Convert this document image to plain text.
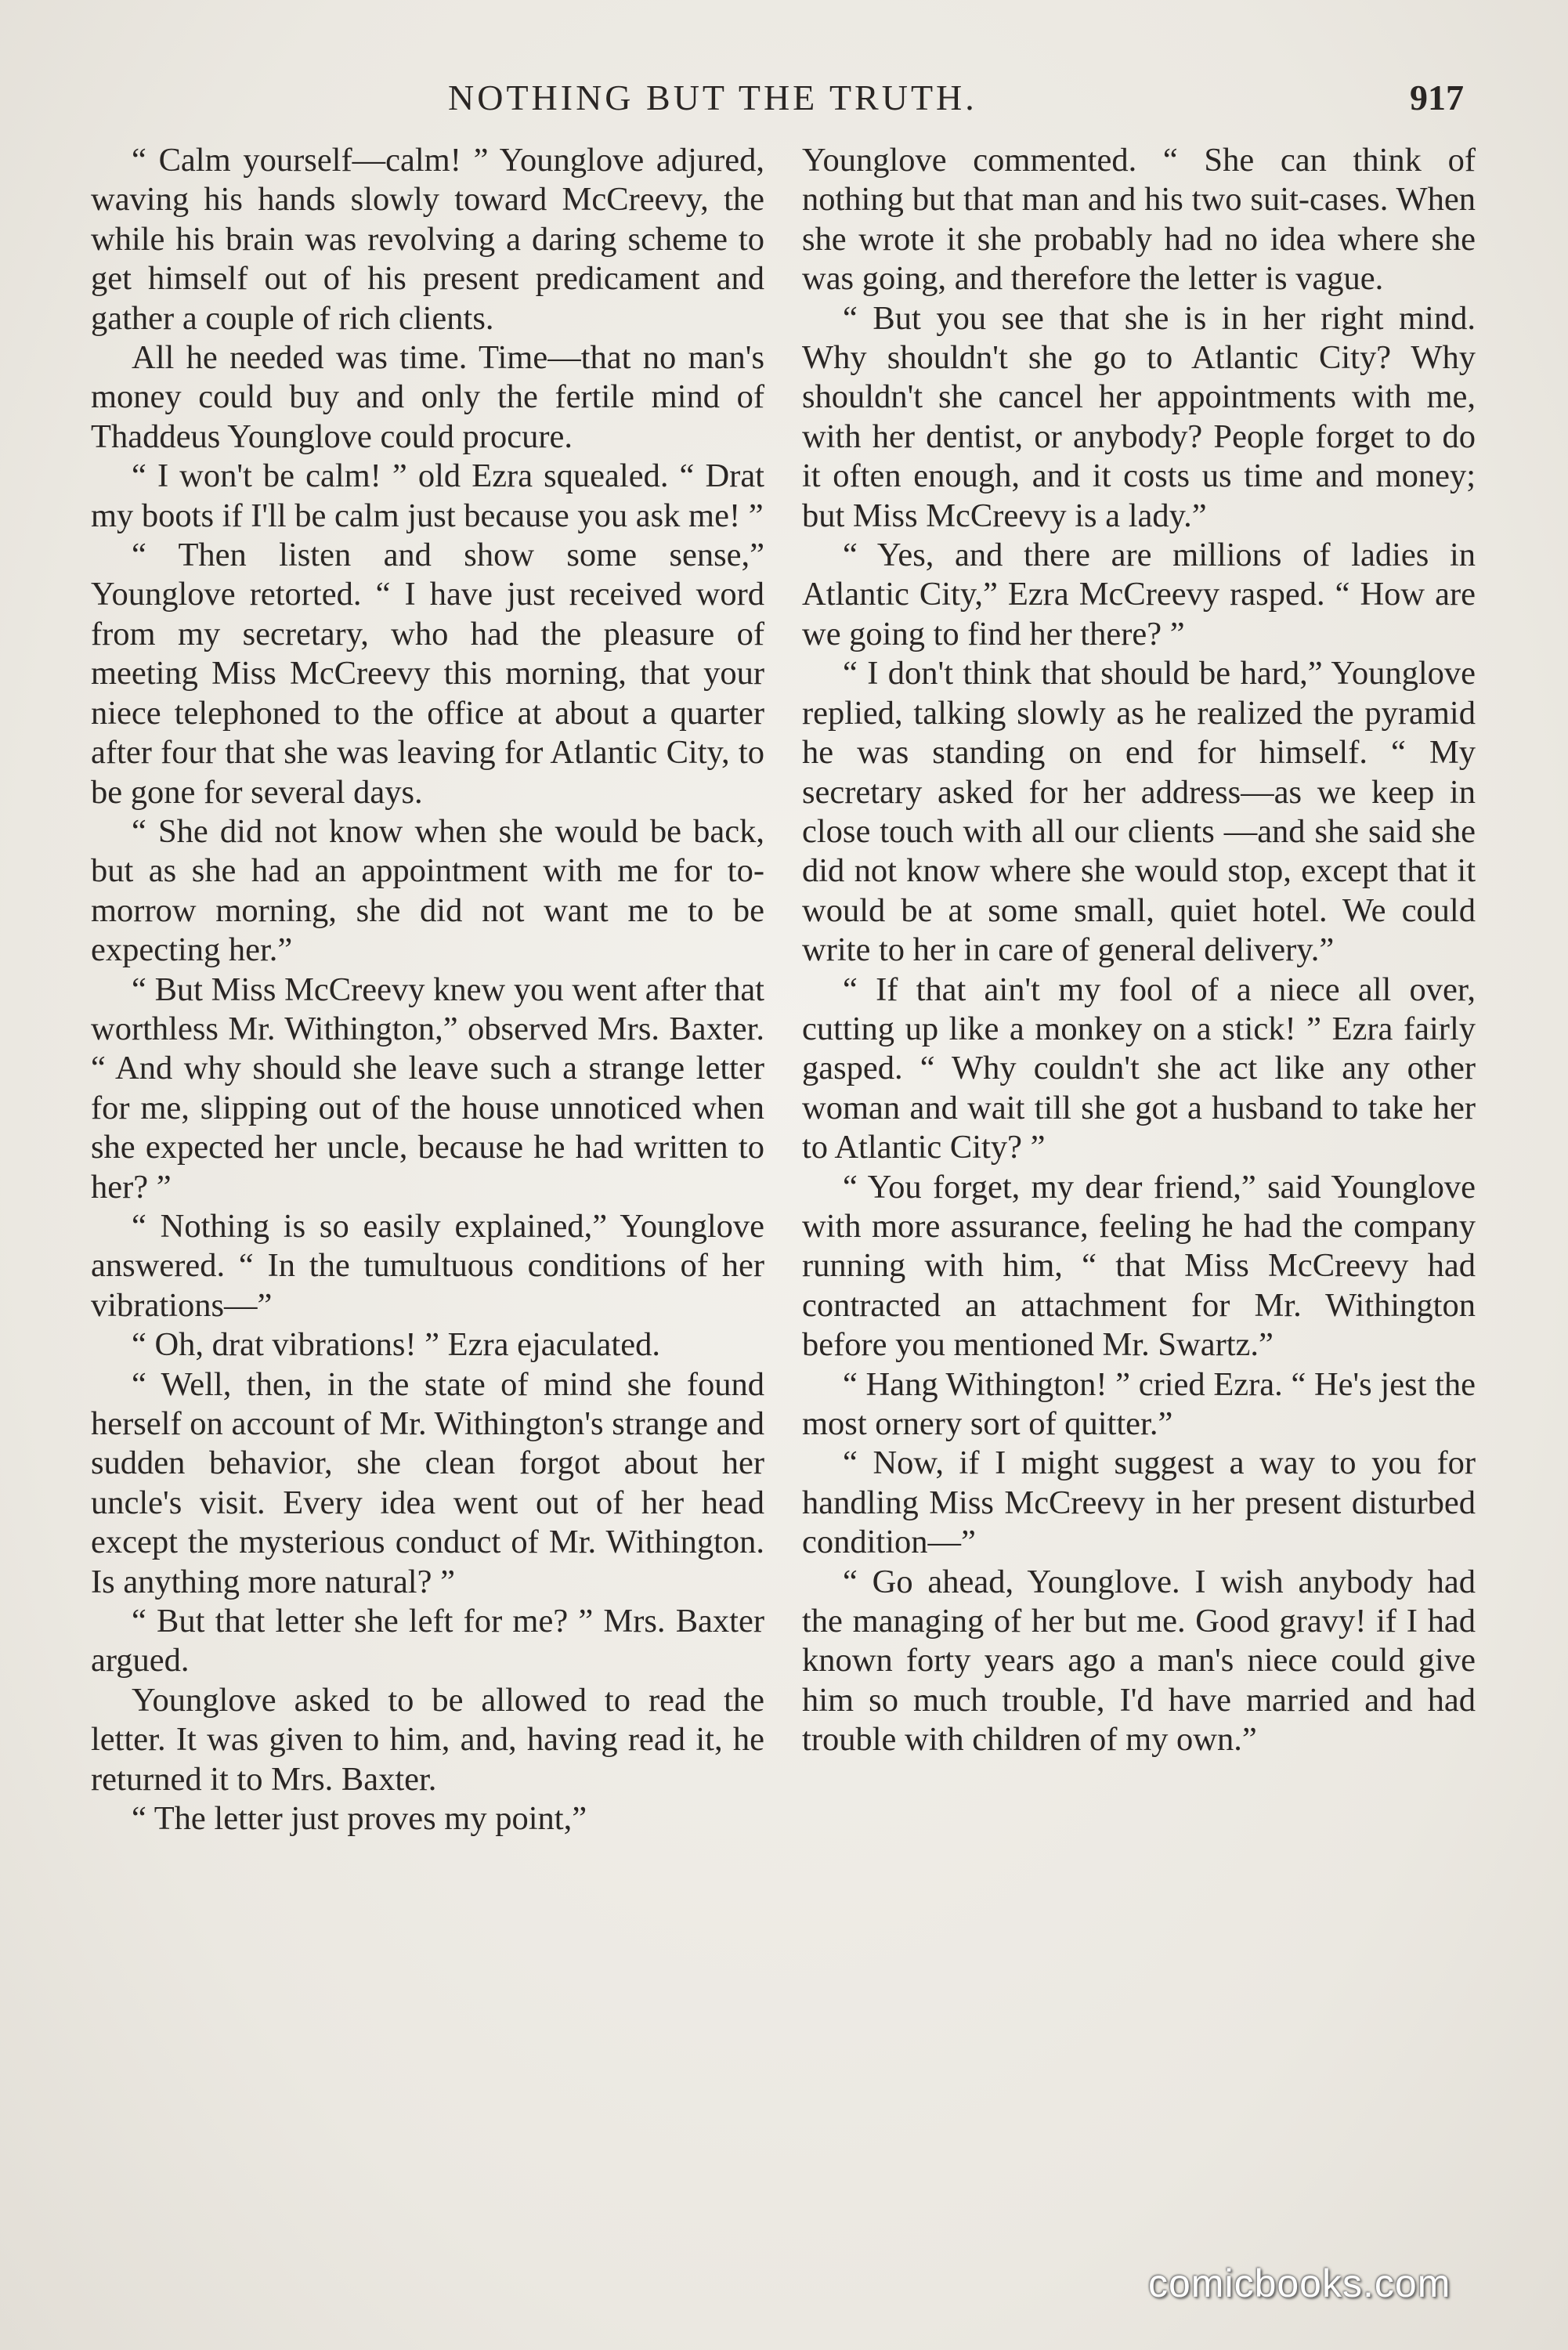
NOTHING BUT THE TRUTH.	917

“ Calm yourself—calm! ” Younglove adjured, waving his hands slowly toward McCreevy, the while his brain was revolving a daring scheme to get himself out of his present predicament and gather a couple of rich clients.

All he needed was time. Time—that no man's money could buy and only the fertile mind of Thaddeus Younglove could procure.

“ I won't be calm! ” old Ezra squealed. “ Drat my boots if I'll be calm just because you ask me! ”

“ Then listen and show some sense,” Younglove retorted. “ I have just received word from my secretary, who had the pleasure of meeting Miss McCreevy this morning, that your niece telephoned to the office at about a quarter after four that she was leaving for Atlantic City, to be gone for several days.

“ She did not know when she would be back, but as she had an appointment with me for to-morrow morning, she did not want me to be expecting her.”

“ But Miss McCreevy knew you went after that worthless Mr. Withington,” observed Mrs. Baxter. “ And why should she leave such a strange letter for me, slipping out of the house unnoticed when she expected her uncle, because he had written to her? ”

“ Nothing is so easily explained,” Younglove answered. “ In the tumultuous conditions of her vibrations—”

“ Oh, drat vibrations! ” Ezra ejaculated.

“ Well, then, in the state of mind she found herself on account of Mr. Withington's strange and sudden behavior, she clean forgot about her uncle's visit. Every idea went out of her head except the mysterious conduct of Mr. Withington. Is anything more natural? ”

“ But that letter she left for me? ” Mrs. Baxter argued.

Younglove asked to be allowed to read the letter. It was given to him, and, having read it, he returned it to Mrs. Baxter.

“ The letter just proves my point,”

Younglove commented. “ She can think of nothing but that man and his two suit-cases. When she wrote it she probably had no idea where she was going, and therefore the letter is vague.

“ But you see that she is in her right mind. Why shouldn't she go to Atlantic City? Why shouldn't she cancel her appointments with me, with her dentist, or anybody? People forget to do it often enough, and it costs us time and money; but Miss McCreevy is a lady.”

“ Yes, and there are millions of ladies in Atlantic City,” Ezra McCreevy rasped. “ How are we going to find her there? ”

“ I don't think that should be hard,” Younglove replied, talking slowly as he realized the pyramid he was standing on end for himself. “ My secretary asked for her address—as we keep in close touch with all our clients —and she said she did not know where she would stop, except that it would be at some small, quiet hotel. We could write to her in care of general delivery.”

“ If that ain't my fool of a niece all over, cutting up like a monkey on a stick! ” Ezra fairly gasped. “ Why couldn't she act like any other woman and wait till she got a husband to take her to Atlantic City? ”

“ You forget, my dear friend,” said Younglove with more assurance, feeling he had the company running with him, “ that Miss McCreevy had contracted an attachment for Mr. Withington before you mentioned Mr. Swartz.”

“ Hang Withington! ” cried Ezra. “ He's jest the most ornery sort of quitter.”

“ Now, if I might suggest a way to you for handling Miss McCreevy in her present disturbed condition—”

“ Go ahead, Younglove. I wish anybody had the managing of her but me. Good gravy! if I had known forty years ago a man's niece could give him so much trouble, I'd have married and had trouble with children of my own.”

comicbooks.com
